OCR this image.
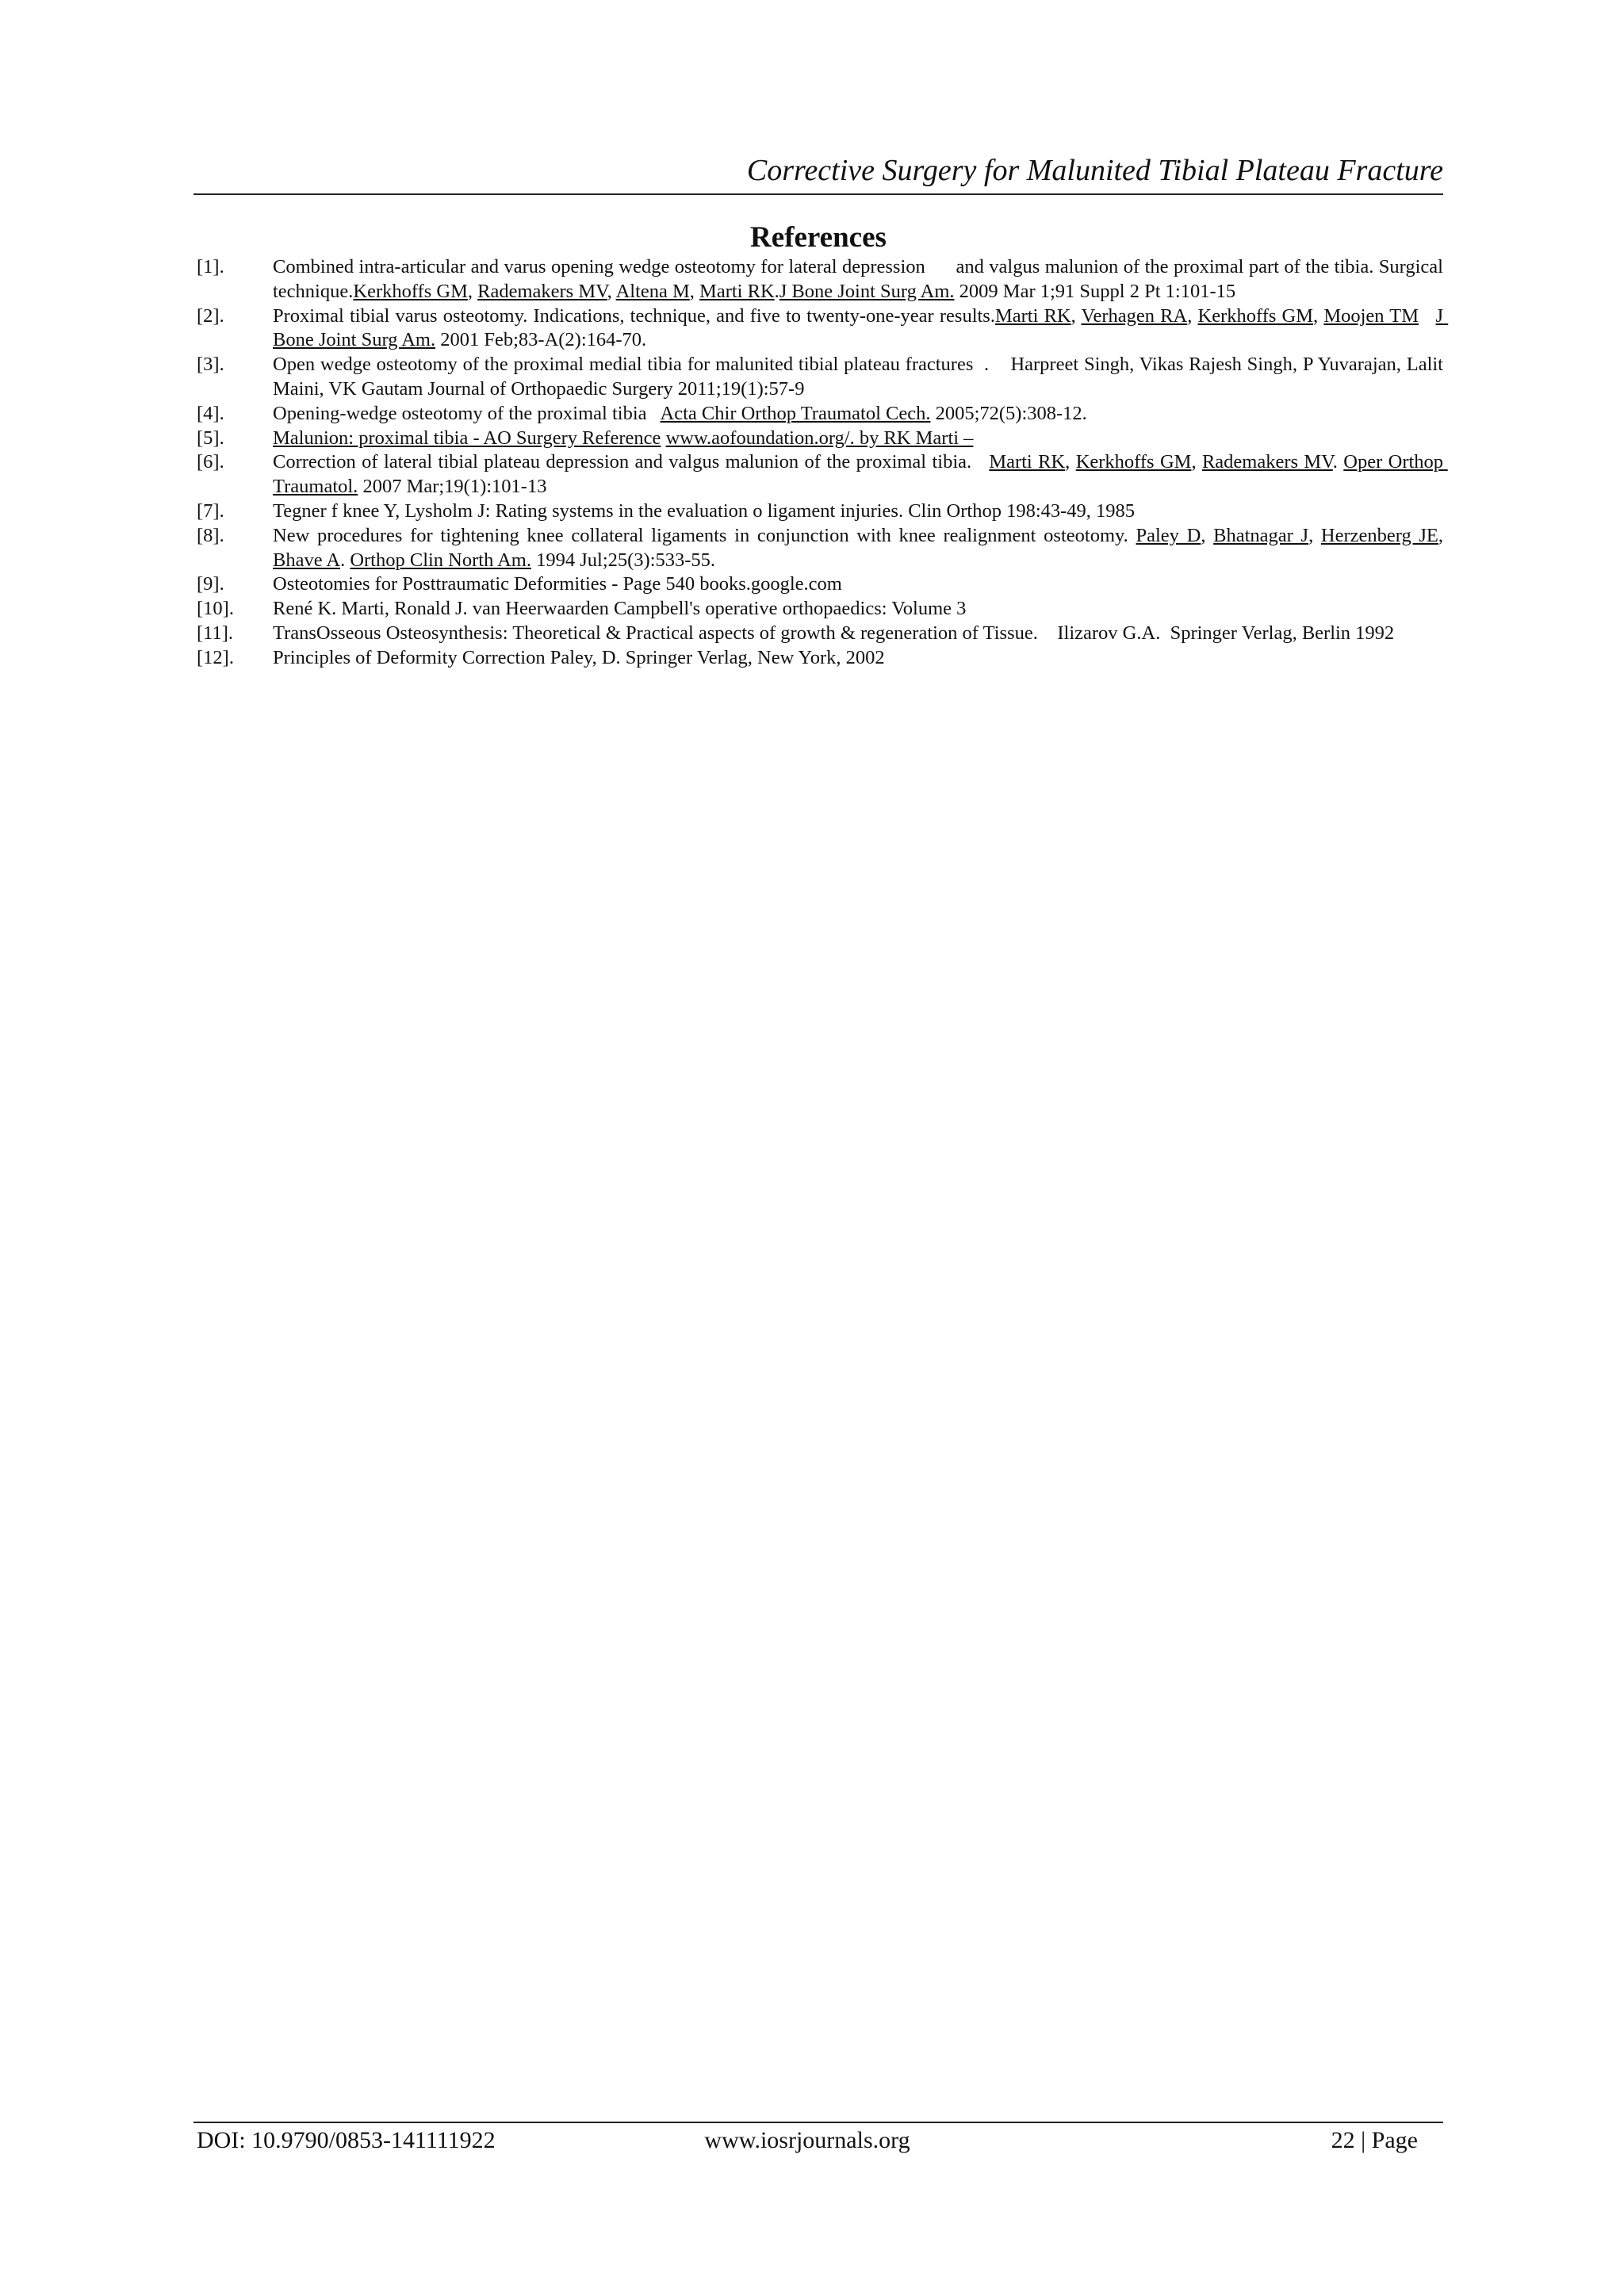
Corrective Surgery for Malunited Tibial Plateau Fracture
References
[1].	Combined intra-articular and varus opening wedge osteotomy for lateral depression      and valgus malunion of the proximal part of the tibia. Surgical technique.Kerkhoffs GM, Rademakers MV, Altena M, Marti RK.J Bone Joint Surg Am. 2009 Mar 1;91 Suppl 2 Pt 1:101-15
[2].	Proximal tibial varus osteotomy. Indications, technique, and five to twenty-one-year results.Marti RK, Verhagen RA, Kerkhoffs GM, Moojen TM J Bone Joint Surg Am. 2001 Feb;83-A(2):164-70.
[3].	Open wedge osteotomy of the proximal medial tibia for malunited tibial plateau fractures  .    Harpreet Singh, Vikas Rajesh Singh, P Yuvarajan, Lalit Maini, VK Gautam Journal of Orthopaedic Surgery 2011;19(1):57-9
[4].	Opening-wedge osteotomy of the proximal tibia   Acta Chir Orthop Traumatol Cech. 2005;72(5):308-12.
[5].	Malunion: proximal tibia - AO Surgery Reference www.aofoundation.org/. by RK Marti –
[6].	Correction of lateral tibial plateau depression and valgus malunion of the proximal tibia.   Marti RK, Kerkhoffs GM, Rademakers MV. Oper Orthop Traumatol. 2007 Mar;19(1):101-13
[7].	Tegner f knee Y, Lysholm J: Rating systems in the evaluation o ligament injuries. Clin Orthop 198:43-49, 1985
[8].	New procedures for tightening knee collateral ligaments in conjunction with knee realignment osteotomy. Paley D, Bhatnagar J, Herzenberg JE, Bhave A. Orthop Clin North Am. 1994 Jul;25(3):533-55.
[9].	Osteotomies for Posttraumatic Deformities - Page 540 books.google.com
[10].	René K. Marti, Ronald J. van Heerwaarden Campbell's operative orthopaedics: Volume 3
[11].	TransOsseous Osteosynthesis: Theoretical & Practical aspects of growth & regeneration of Tissue.    Ilizarov G.A.  Springer Verlag, Berlin 1992
[12].	Principles of Deformity Correction Paley, D. Springer Verlag, New York, 2002
DOI: 10.9790/0853-141111922	www.iosrjournals.org	22 | Page
